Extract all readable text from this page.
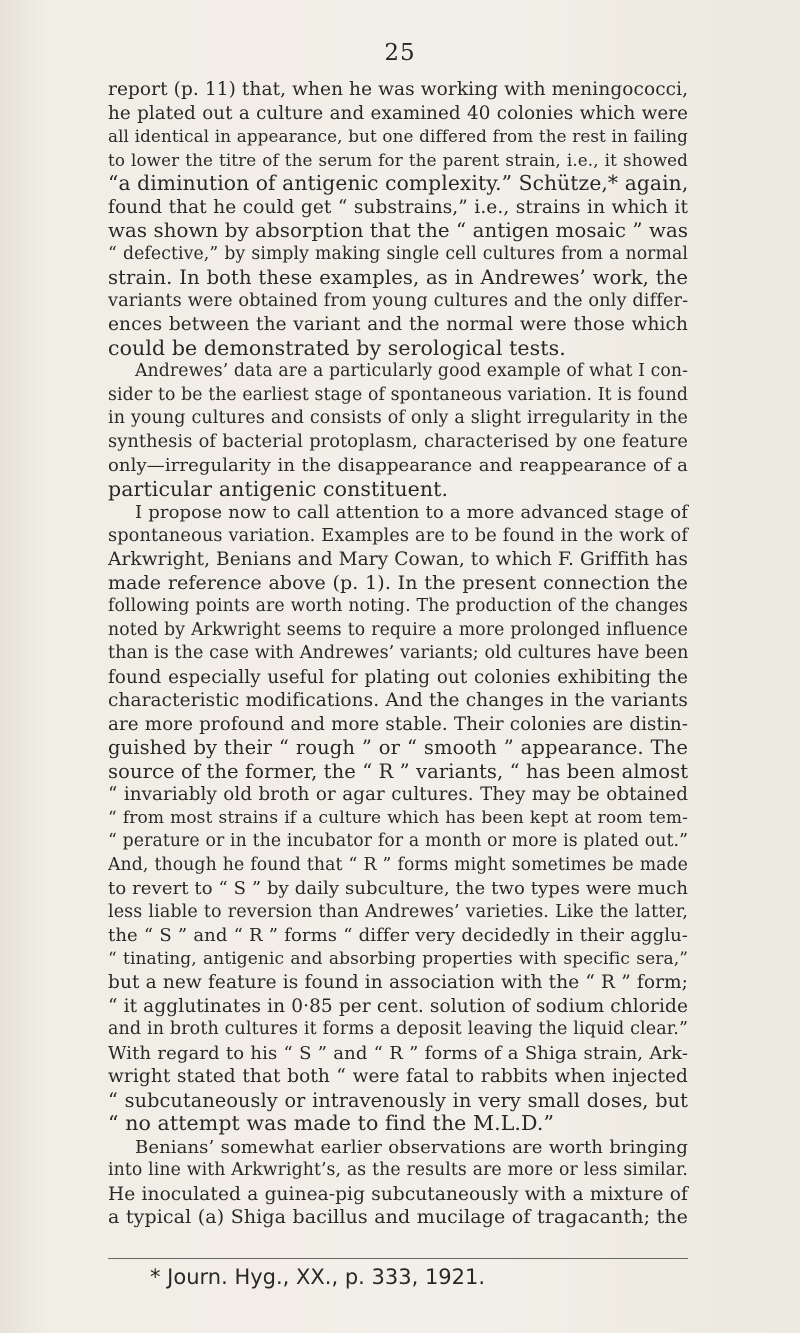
25
report (p. 11) that, when he was working with meningococci,
he plated out a culture and examined 40 colonies which were
all identical in appearance, but one differed from the rest in failing
to lower the titre of the serum for the parent strain, i.e., it showed
“a diminution of antigenic complexity.” Schütze,* again,
found that he could get “ substrains,” i.e., strains in which it
was shown by absorption that the “ antigen mosaic ” was
“ defective,” by simply making single cell cultures from a normal
strain. In both these examples, as in Andrewes’ work, the
variants were obtained from young cultures and the only differ-
ences between the variant and the normal were those which
could be demonstrated by serological tests.
Andrewes’ data are a particularly good example of what I con-
sider to be the earliest stage of spontaneous variation. It is found
in young cultures and consists of only a slight irregularity in the
synthesis of bacterial protoplasm, characterised by one feature
only—irregularity in the disappearance and reappearance of a
particular antigenic constituent.
I propose now to call attention to a more advanced stage of
spontaneous variation. Examples are to be found in the work of
Arkwright, Benians and Mary Cowan, to which F. Griffith has
made reference above (p. 1). In the present connection the
following points are worth noting. The production of the changes
noted by Arkwright seems to require a more prolonged influence
than is the case with Andrewes’ variants; old cultures have been
found especially useful for plating out colonies exhibiting the
characteristic modifications. And the changes in the variants
are more profound and more stable. Their colonies are distin-
guished by their “ rough ” or “ smooth ” appearance. The
source of the former, the “ R ” variants, “ has been almost
“ invariably old broth or agar cultures. They may be obtained
“ from most strains if a culture which has been kept at room tem-
“ perature or in the incubator for a month or more is plated out.”
And, though he found that “ R ” forms might sometimes be made
to revert to “ S ” by daily subculture, the two types were much
less liable to reversion than Andrewes’ varieties. Like the latter,
the “ S ” and “ R ” forms “ differ very decidedly in their agglu-
“ tinating, antigenic and absorbing properties with specific sera,”
but a new feature is found in association with the “ R ” form;
“ it agglutinates in 0·85 per cent. solution of sodium chloride
and in broth cultures it forms a deposit leaving the liquid clear.”
With regard to his “ S ” and “ R ” forms of a Shiga strain, Ark-
wright stated that both “ were fatal to rabbits when injected
“ subcutaneously or intravenously in very small doses, but
“ no attempt was made to find the M.L.D.”
Benians’ somewhat earlier observations are worth bringing
into line with Arkwright’s, as the results are more or less similar.
He inoculated a guinea-pig subcutaneously with a mixture of
a typical (a) Shiga bacillus and mucilage of tragacanth; the
* Journ. Hyg., XX., p. 333, 1921.
